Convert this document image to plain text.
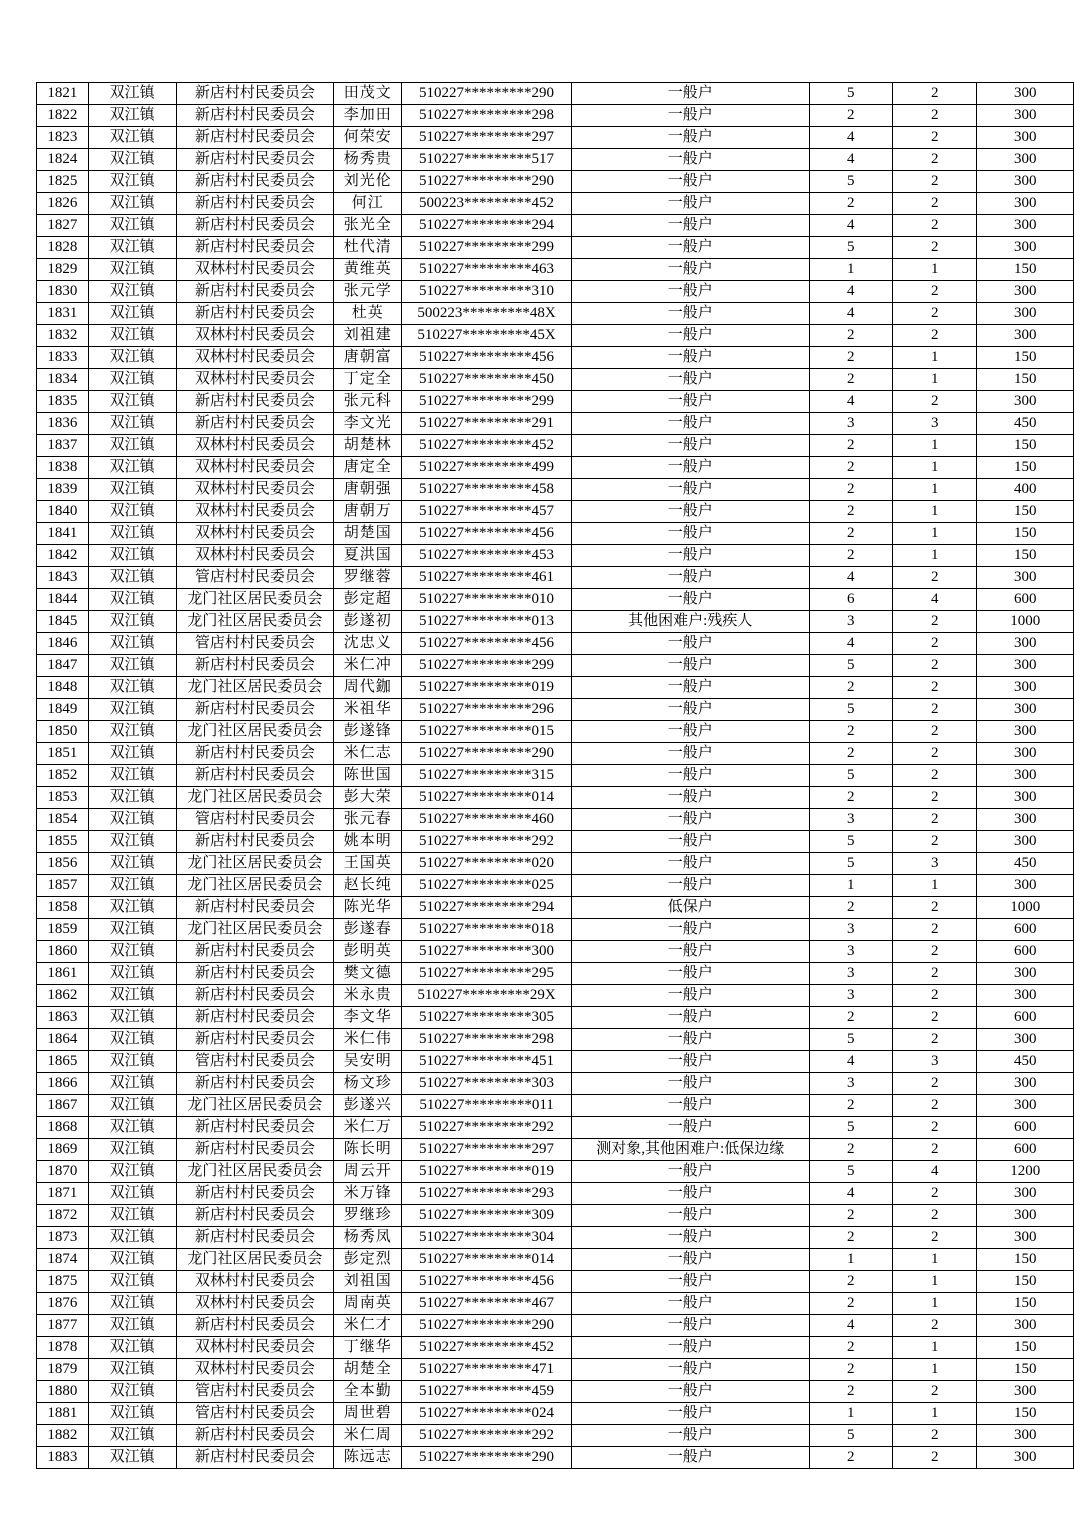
1821	双江镇	新店村村民委员会	田茂文	510227*********290	一般户	5	2	300
1822	双江镇	新店村村民委员会	李加田	510227*********298	一般户	2	2	300
1823	双江镇	新店村村民委员会	何荣安	510227*********297	一般户	4	2	300
1824	双江镇	新店村村民委员会	杨秀贵	510227*********517	一般户	4	2	300
1825	双江镇	新店村村民委员会	刘光伦	510227*********290	一般户	5	2	300
1826	双江镇	新店村村民委员会	何江	500223*********452	一般户	2	2	300
1827	双江镇	新店村村民委员会	张光全	510227*********294	一般户	4	2	300
1828	双江镇	新店村村民委员会	杜代清	510227*********299	一般户	5	2	300
1829	双江镇	双林村村民委员会	黄维英	510227*********463	一般户	1	1	150
1830	双江镇	新店村村民委员会	张元学	510227*********310	一般户	4	2	300
1831	双江镇	新店村村民委员会	杜英	500223*********48X	一般户	4	2	300
1832	双江镇	双林村村民委员会	刘祖建	510227*********45X	一般户	2	2	300
1833	双江镇	双林村村民委员会	唐朝富	510227*********456	一般户	2	1	150
1834	双江镇	双林村村民委员会	丁定全	510227*********450	一般户	2	1	150
1835	双江镇	新店村村民委员会	张元科	510227*********299	一般户	4	2	300
1836	双江镇	新店村村民委员会	李文光	510227*********291	一般户	3	3	450
1837	双江镇	双林村村民委员会	胡楚林	510227*********452	一般户	2	1	150
1838	双江镇	双林村村民委员会	唐定全	510227*********499	一般户	2	1	150
1839	双江镇	双林村村民委员会	唐朝强	510227*********458	一般户	2	1	400
1840	双江镇	双林村村民委员会	唐朝万	510227*********457	一般户	2	1	150
1841	双江镇	双林村村民委员会	胡楚国	510227*********456	一般户	2	1	150
1842	双江镇	双林村村民委员会	夏洪国	510227*********453	一般户	2	1	150
1843	双江镇	管店村村民委员会	罗继蓉	510227*********461	一般户	4	2	300
1844	双江镇	龙门社区居民委员会	彭定超	510227*********010	一般户	6	4	600
1845	双江镇	龙门社区居民委员会	彭遂初	510227*********013	其他困难户:残疾人	3	2	1000
1846	双江镇	管店村村民委员会	沈忠义	510227*********456	一般户	4	2	300
1847	双江镇	新店村村民委员会	米仁冲	510227*********299	一般户	5	2	300
1848	双江镇	龙门社区居民委员会	周代鉫	510227*********019	一般户	2	2	300
1849	双江镇	新店村村民委员会	米祖华	510227*********296	一般户	5	2	300
1850	双江镇	龙门社区居民委员会	彭遂锋	510227*********015	一般户	2	2	300
1851	双江镇	新店村村民委员会	米仁志	510227*********290	一般户	2	2	300
1852	双江镇	新店村村民委员会	陈世国	510227*********315	一般户	5	2	300
1853	双江镇	龙门社区居民委员会	彭大荣	510227*********014	一般户	2	2	300
1854	双江镇	管店村村民委员会	张元春	510227*********460	一般户	3	2	300
1855	双江镇	新店村村民委员会	姚本明	510227*********292	一般户	5	2	300
1856	双江镇	龙门社区居民委员会	王国英	510227*********020	一般户	5	3	450
1857	双江镇	龙门社区居民委员会	赵长纯	510227*********025	一般户	1	1	300
1858	双江镇	新店村村民委员会	陈光华	510227*********294	低保户	2	2	1000
1859	双江镇	龙门社区居民委员会	彭遂春	510227*********018	一般户	3	2	600
1860	双江镇	新店村村民委员会	彭明英	510227*********300	一般户	3	2	600
1861	双江镇	新店村村民委员会	樊文德	510227*********295	一般户	3	2	300
1862	双江镇	新店村村民委员会	米永贵	510227*********29X	一般户	3	2	300
1863	双江镇	新店村村民委员会	李文华	510227*********305	一般户	2	2	600
1864	双江镇	新店村村民委员会	米仁伟	510227*********298	一般户	5	2	300
1865	双江镇	管店村村民委员会	吴安明	510227*********451	一般户	4	3	450
1866	双江镇	新店村村民委员会	杨文珍	510227*********303	一般户	3	2	300
1867	双江镇	龙门社区居民委员会	彭遂兴	510227*********011	一般户	2	2	300
1868	双江镇	新店村村民委员会	米仁万	510227*********292	一般户	5	2	600
1869	双江镇	新店村村民委员会	陈长明	510227*********297	测对象,其他困难户:低保边缘	2	2	600
1870	双江镇	龙门社区居民委员会	周云开	510227*********019	一般户	5	4	1200
1871	双江镇	新店村村民委员会	米万锋	510227*********293	一般户	4	2	300
1872	双江镇	新店村村民委员会	罗继珍	510227*********309	一般户	2	2	300
1873	双江镇	新店村村民委员会	杨秀凤	510227*********304	一般户	2	2	300
1874	双江镇	龙门社区居民委员会	彭定烈	510227*********014	一般户	1	1	150
1875	双江镇	双林村村民委员会	刘祖国	510227*********456	一般户	2	1	150
1876	双江镇	双林村村民委员会	周南英	510227*********467	一般户	2	1	150
1877	双江镇	新店村村民委员会	米仁才	510227*********290	一般户	4	2	300
1878	双江镇	双林村村民委员会	丁继华	510227*********452	一般户	2	1	150
1879	双江镇	双林村村民委员会	胡楚全	510227*********471	一般户	2	1	150
1880	双江镇	管店村村民委员会	全本勤	510227*********459	一般户	2	2	300
1881	双江镇	管店村村民委员会	周世碧	510227*********024	一般户	1	1	150
1882	双江镇	新店村村民委员会	米仁周	510227*********292	一般户	5	2	300
1883	双江镇	新店村村民委员会	陈远志	510227*********290	一般户	2	2	300
